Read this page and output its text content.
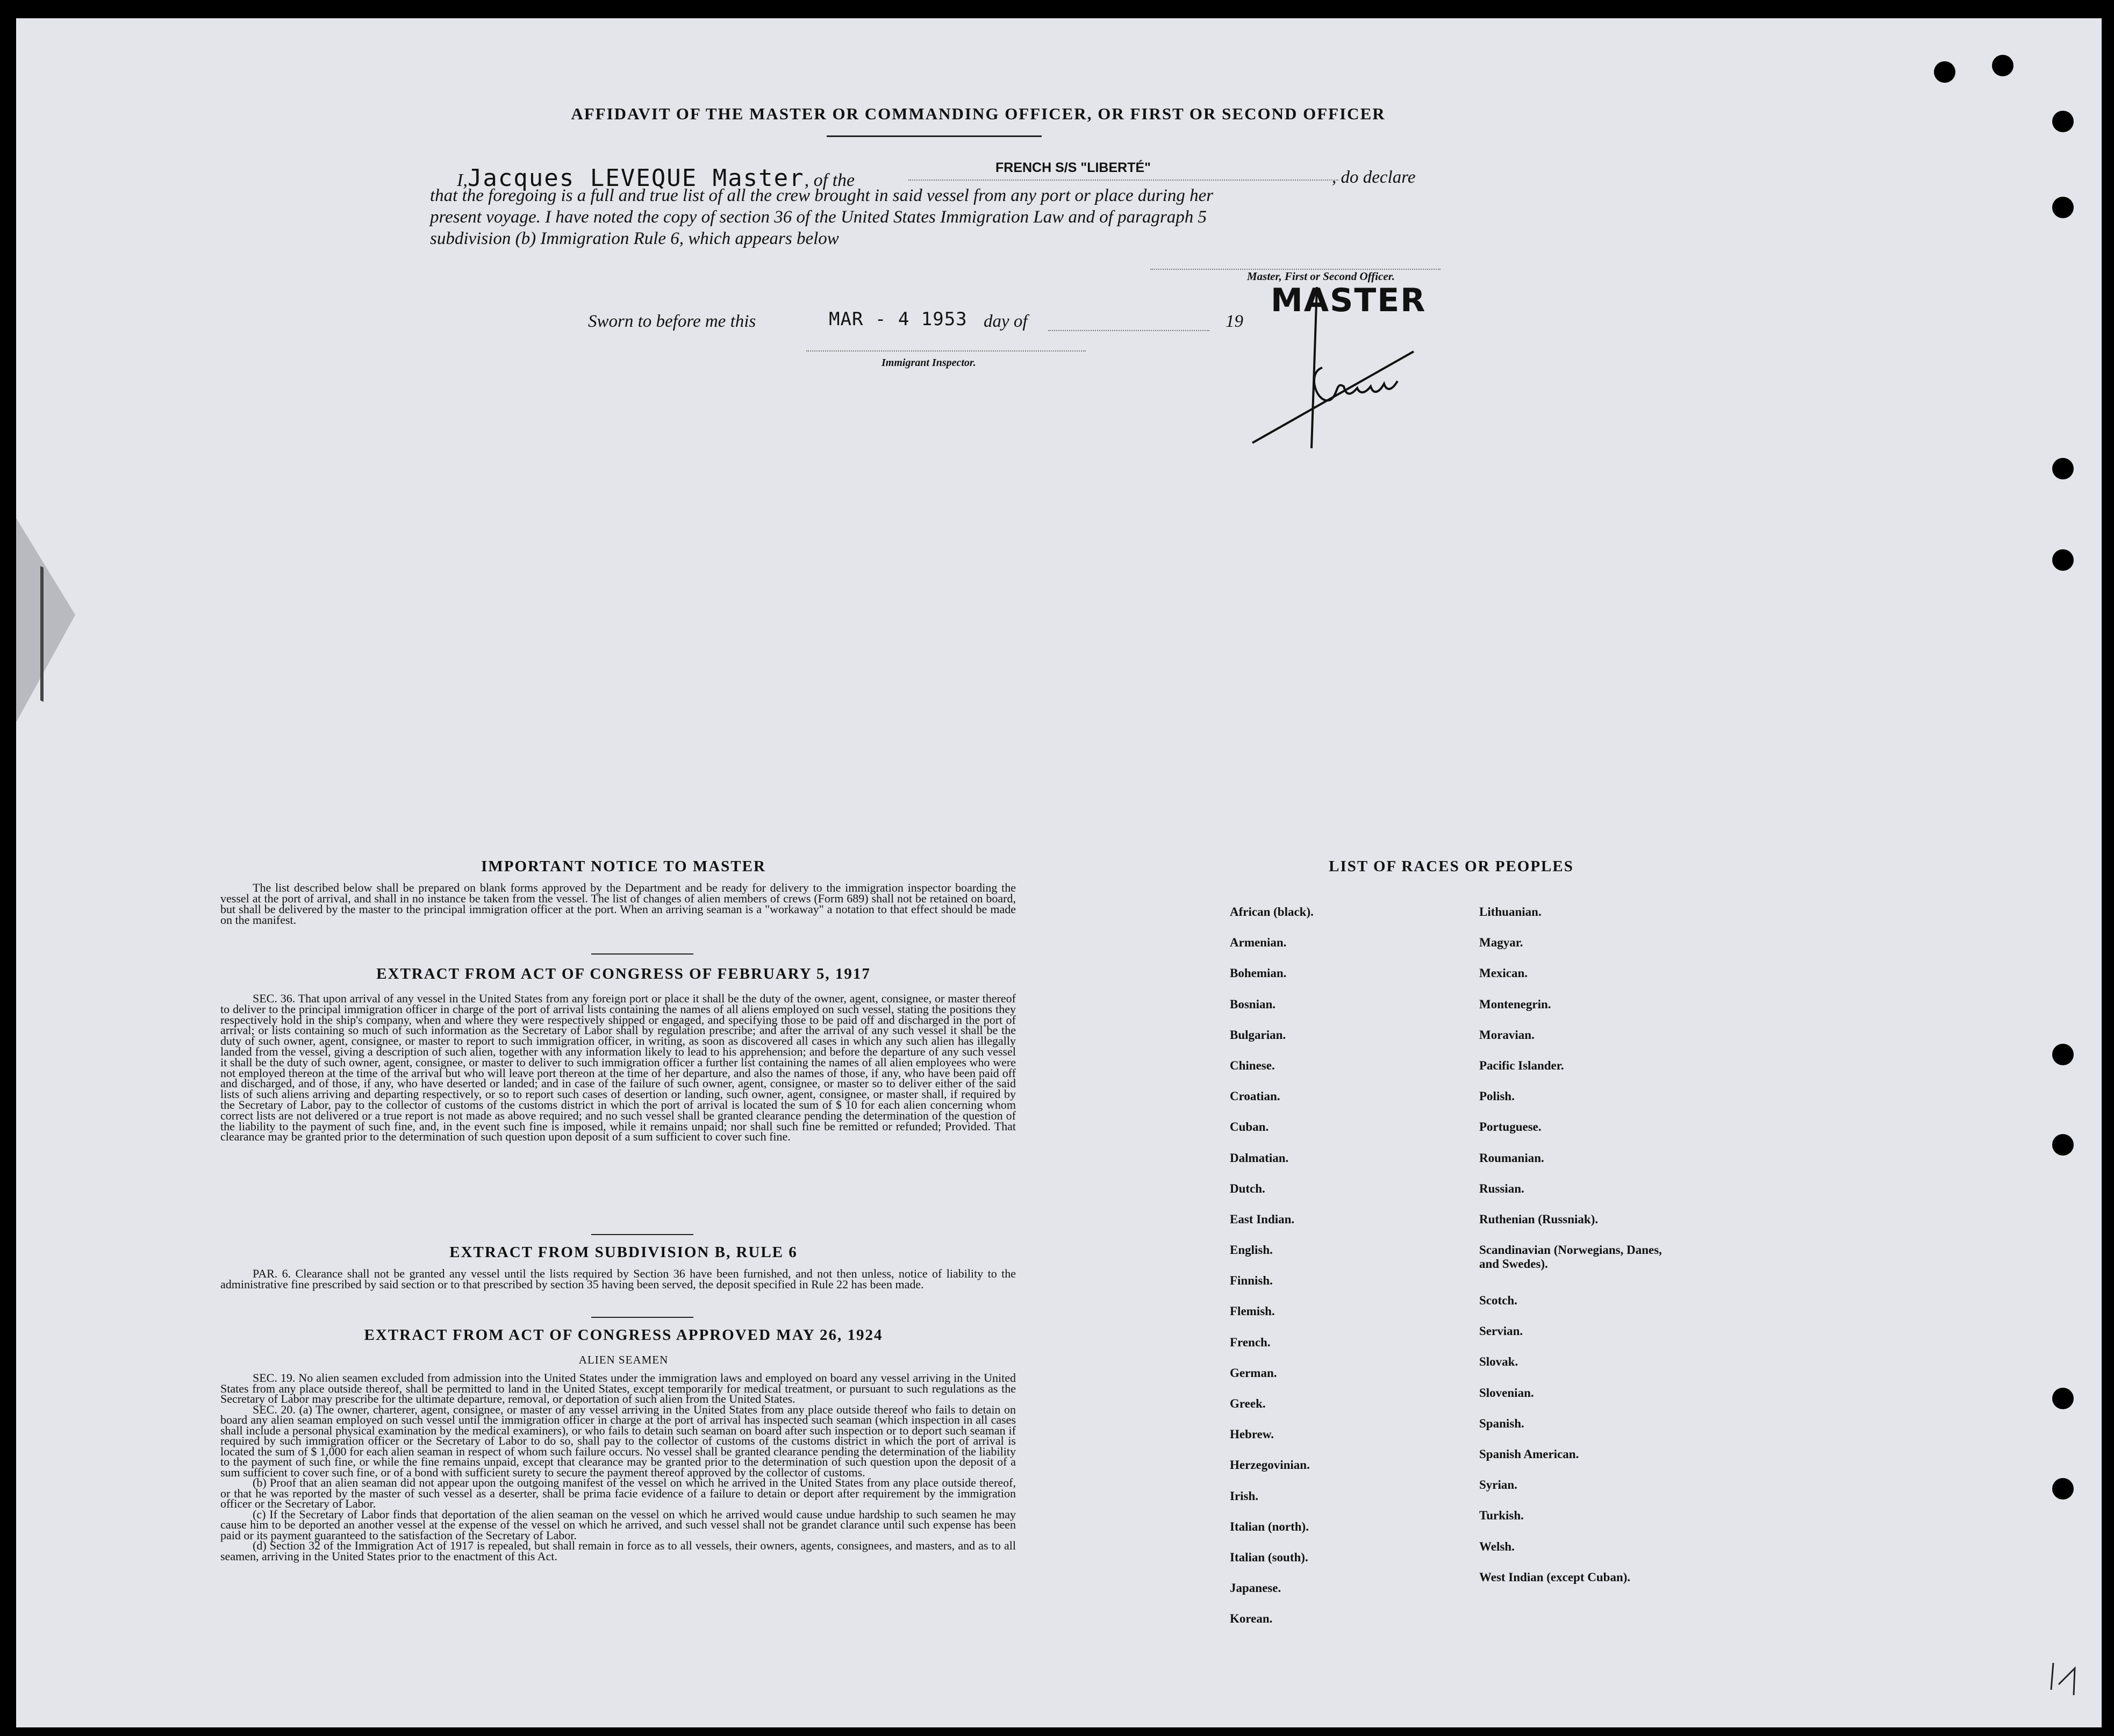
AFFIDAVIT OF THE MASTER OR COMMANDING OFFICER, OR FIRST OR SECOND OFFICER
I,Jacques LEVEQUE Master, of the
FRENCH S/S "LIBERTÉ"	, do declare
that the foregoing is a full and true list of all the crew brought in said vessel from any port or place during her
present voyage. I have noted the copy of section 36 of the United States Immigration Law and of paragraph 5
subdivision (b) Immigration Rule 6, which appears below
Master, First or Second Officer.
MASTER
Sworn to before me this	MAR - 4 1953 day of	19
Immigrant Inspector.
IMPORTANT NOTICE TO MASTER
The list described below shall be prepared on blank forms approved by the Department and be ready for delivery to the immigration inspector boarding the vessel at the port of arrival, and shall in no instance be taken from the vessel. The list of changes of alien members of crews (Form 689) shall not be retained on board, but shall be delivered by the master to the principal immigration officer at the port. When an arriving seaman is a "workaway" a notation to that effect should be made on the manifest.
EXTRACT FROM ACT OF CONGRESS OF FEBRUARY 5, 1917
SEC. 36. That upon arrival of any vessel in the United States from any foreign port or place it shall be the duty of the owner, agent, consignee, or master thereof to deliver to the principal immigration officer in charge of the port of arrival lists containing the names of all aliens employed on such vessel, stating the positions they respectively hold in the ship's company, when and where they were respectively shipped or engaged, and specifying those to be paid off and discharged in the port of arrival; or lists containing so much of such information as the Secretary of Labor shall by regulation prescribe; and after the arrival of any such vessel it shall be the duty of such owner, agent, consignee, or master to report to such immigration officer, in writing, as soon as discovered all cases in which any such alien has illegally landed from the vessel, giving a description of such alien, together with any information likely to lead to his apprehension; and before the departure of any such vessel it shall be the duty of such owner, agent, consignee, or master to deliver to such immigration officer a further list containing the names of all alien employees who were not employed thereon at the time of the arrival but who will leave port thereon at the time of her departure, and also the names of those, if any, who have been paid off and discharged, and of those, if any, who have deserted or landed; and in case of the failure of such owner, agent, consignee, or master so to deliver either of the said lists of such aliens arriving and departing respectively, or so to report such cases of desertion or landing, such owner, agent, consignee, or master shall, if required by the Secretary of Labor, pay to the collector of customs of the customs district in which the port of arrival is located the sum of $ 10 for each alien concerning whom correct lists are not delivered or a true report is not made as above required; and no such vessel shall be granted clearance pending the determination of the question of the liability to the payment of such fine, and, in the event such fine is imposed, while it remains unpaid; nor shall such fine be remitted or refunded; Provided. That clearance may be granted prior to the determination of such question upon deposit of a sum sufficient to cover such fine.
EXTRACT FROM SUBDIVISION B, RULE 6
PAR. 6. Clearance shall not be granted any vessel until the lists required by Section 36 have been furnished, and not then unless, notice of liability to the administrative fine prescribed by said section or to that prescribed by section 35 having been served, the deposit specified in Rule 22 has been made.
EXTRACT FROM ACT OF CONGRESS APPROVED MAY 26, 1924
ALIEN SEAMEN
SEC. 19. No alien seamen excluded from admission into the United States under the immigration laws and employed on board any vessel arriving in the United States from any place outside thereof, shall be permitted to land in the United States, except temporarily for medical treatment, or pursuant to such regulations as the Secretary of Labor may prescribe for the ultimate departure, removal, or deportation of such alien from the United States.
SEC. 20. (a) The owner, charterer, agent, consignee, or master of any vessel arriving in the United States from any place outside thereof who fails to detain on board any alien seaman employed on such vessel until the immigration officer in charge at the port of arrival has inspected such seaman (which inspection in all cases shall include a personal physical examination by the medical examiners), or who fails to detain such seaman on board after such inspection or to deport such seaman if required by such immigration officer or the Secretary of Labor to do so, shall pay to the collector of customs of the customs district in which the port of arrival is located the sum of $ 1,000 for each alien seaman in respect of whom such failure occurs. No vessel shall be granted clearance pending the determination of the liability to the payment of such fine, or while the fine remains unpaid, except that clearance may be granted prior to the determination of such question upon the deposit of a sum sufficient to cover such fine, or of a bond with sufficient surety to secure the payment thereof approved by the collector of customs.
(b) Proof that an alien seaman did not appear upon the outgoing manifest of the vessel on which he arrived in the United States from any place outside thereof, or that he was reported by the master of such vessel as a deserter, shall be prima facie evidence of a failure to detain or deport after requirement by the immigration officer or the Secretary of Labor.
(c) If the Secretary of Labor finds that deportation of the alien seaman on the vessel on which he arrived would cause undue hardship to such seamen he may cause him to be deported an another vessel at the expense of the vessel on which he arrived, and such vessel shall not be grandet clarance until such expense has been paid or its payment guaranteed to the satisfaction of the Secretary of Labor.
(d) Section 32 of the Immigration Act of 1917 is repealed, but shall remain in force as to all vessels, their owners, agents, consignees, and masters, and as to all seamen, arriving in the United States prior to the enactment of this Act.
LIST OF RACES OR PEOPLES
African (black).
Armenian.
Bohemian.
Bosnian.
Bulgarian.
Chinese.
Croatian.
Cuban.
Dalmatian.
Dutch.
East Indian.
English.
Finnish.
Flemish.
French.
German.
Greek.
Hebrew.
Herzegovinian.
Irish.
Italian (north).
Italian (south).
Japanese.
Korean.
Lithuanian.
Magyar.
Mexican.
Montenegrin.
Moravian.
Pacific Islander.
Polish.
Portuguese.
Roumanian.
Russian.
Ruthenian (Russniak).
Scandinavian (Norwegians, Danes, and Swedes).
Scotch.
Servian.
Slovak.
Slovenian.
Spanish.
Spanish American.
Syrian.
Turkish.
Welsh.
West Indian (except Cuban).
